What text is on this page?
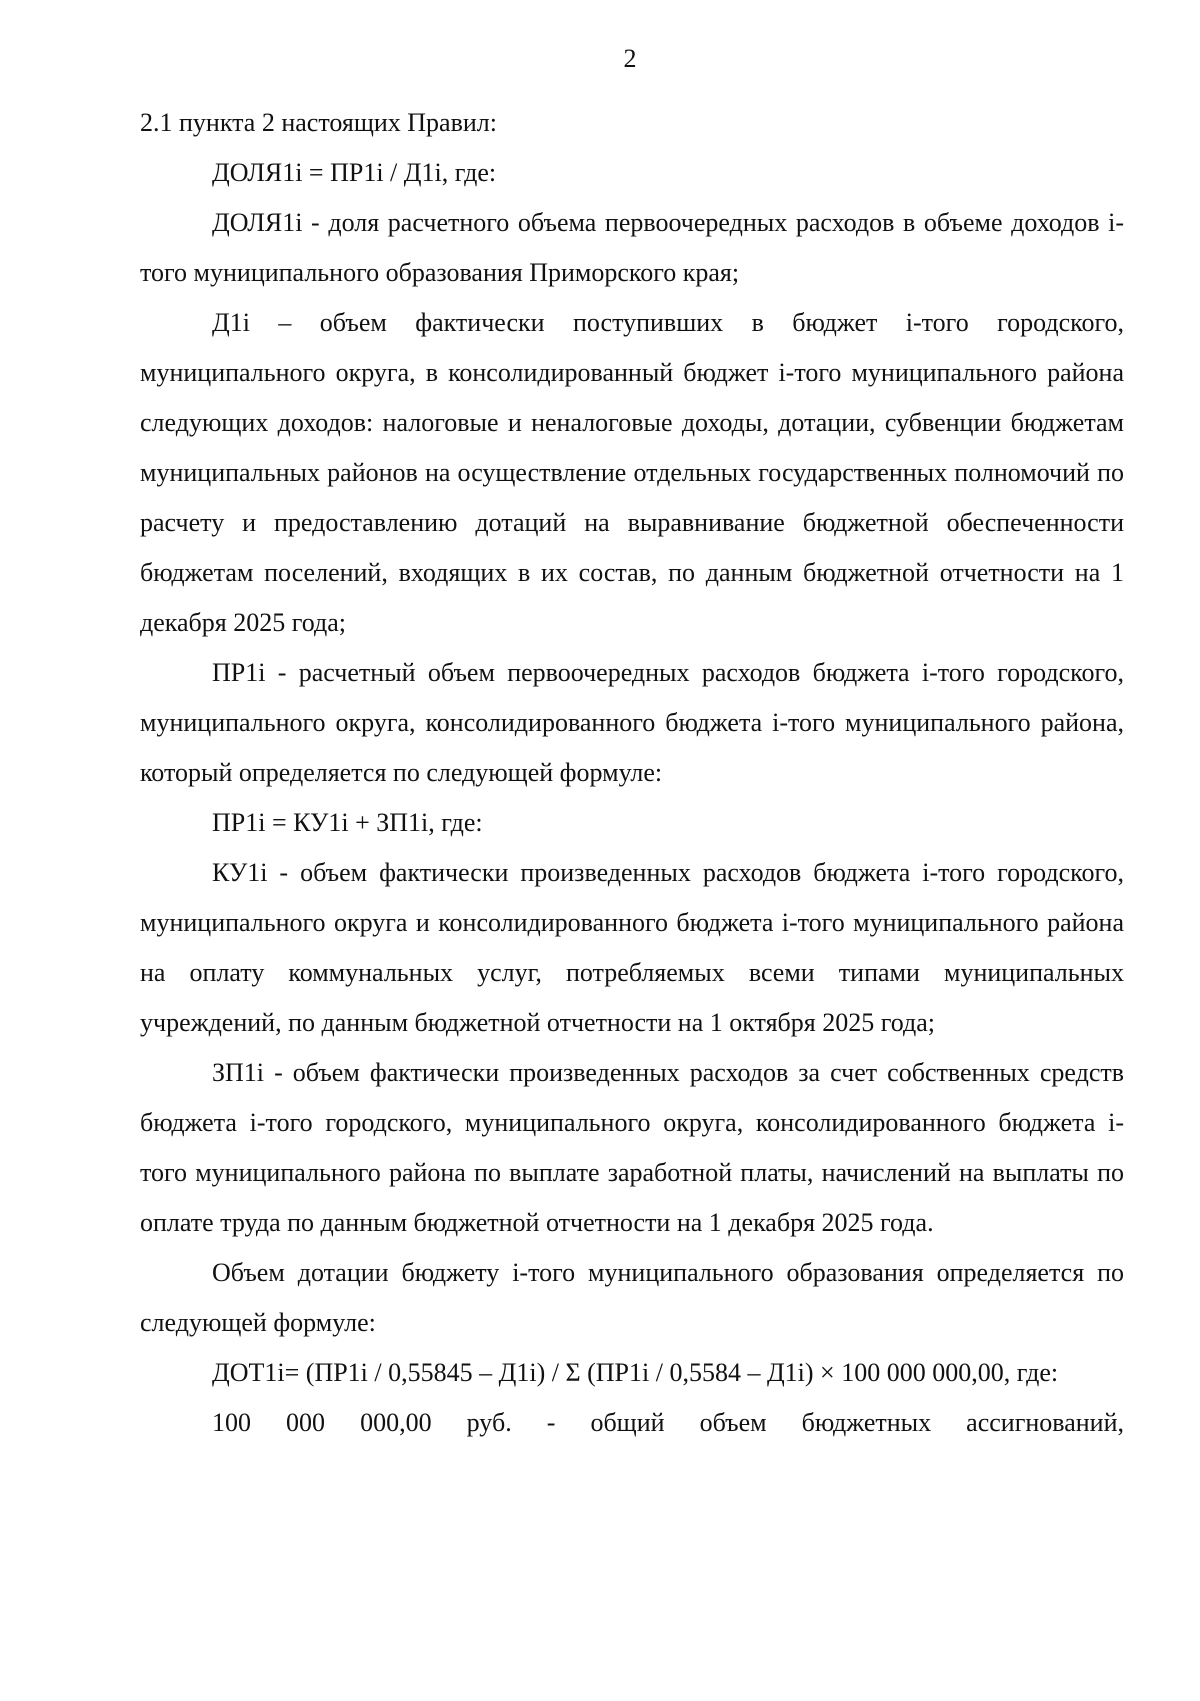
2

2.1 пункта 2 настоящих Правил:

ДОЛЯ1i = ПР1i / Д1i, где:

ДОЛЯ1i - доля расчетного объема первоочередных расходов в объеме доходов i-того муниципального образования Приморского края;

Д1i – объем фактически поступивших в бюджет i-того городского, муниципального округа, в консолидированный бюджет i-того муниципального района следующих доходов: налоговые и неналоговые доходы, дотации, субвенции бюджетам муниципальных районов на осуществление отдельных государственных полномочий по расчету и предоставлению дотаций на выравнивание бюджетной обеспеченности бюджетам поселений, входящих в их состав, по данным бюджетной отчетности на 1 декабря 2025 года;

ПР1i - расчетный объем первоочередных расходов бюджета i-того городского, муниципального округа, консолидированного бюджета i-того муниципального района, который определяется по следующей формуле:

ПР1i = КУ1i + ЗП1i, где:

КУ1i - объем фактически произведенных расходов бюджета i-того городского, муниципального округа и консолидированного бюджета i-того муниципального района на оплату коммунальных услуг, потребляемых всеми типами муниципальных учреждений, по данным бюджетной отчетности на 1 октября 2025 года;

ЗП1i - объем фактически произведенных расходов за счет собственных средств бюджета i-того городского, муниципального округа, консолидированного бюджета i-того муниципального района по выплате заработной платы, начислений на выплаты по оплате труда по данным бюджетной отчетности на 1 декабря 2025 года.

Объем дотации бюджету i-того муниципального образования определяется по следующей формуле:

ДОТ1i= (ПР1i / 0,55845 – Д1i) / Σ (ПР1i / 0,5584 – Д1i) × 100 000 000,00, где:

100 000 000,00 руб. - общий объем бюджетных ассигнований,
